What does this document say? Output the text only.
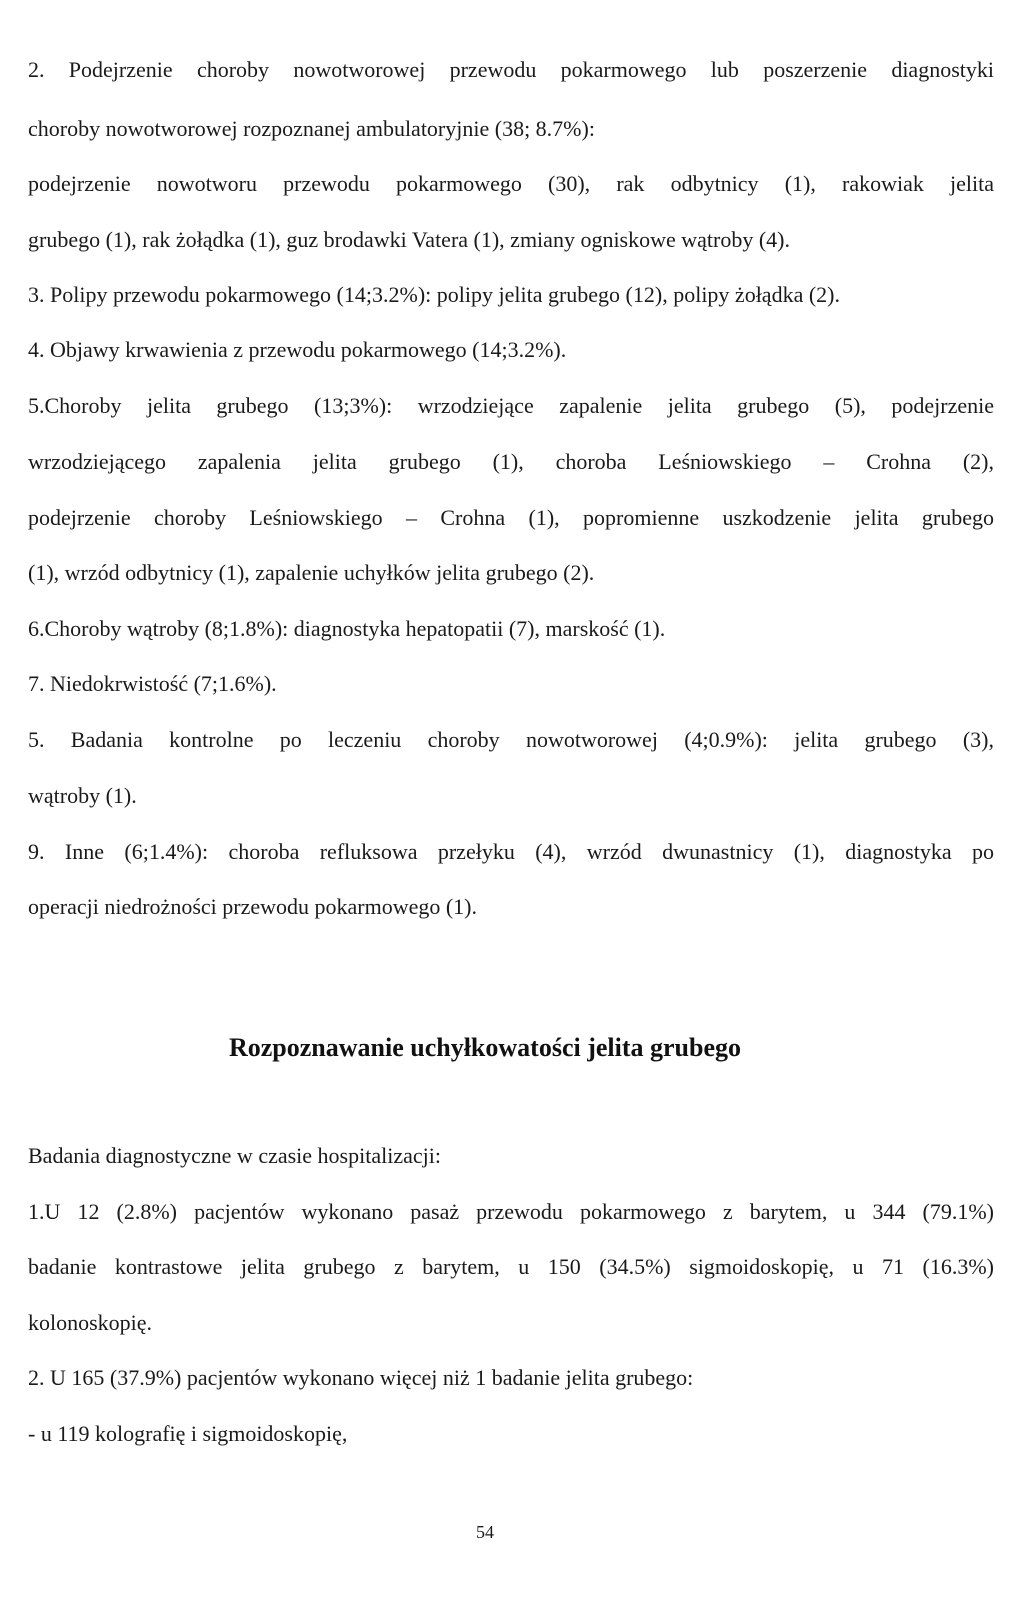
2. Podejrzenie choroby nowotworowej przewodu pokarmowego lub poszerzenie diagnostyki
choroby nowotworowej rozpoznanej ambulatoryjnie (38; 8.7%):
podejrzenie nowotworu przewodu pokarmowego (30), rak odbytnicy (1), rakowiak jelita
grubego (1), rak żołądka (1), guz brodawki Vatera (1), zmiany ogniskowe wątroby (4).
3. Polipy przewodu pokarmowego (14;3.2%): polipy jelita grubego (12), polipy żołądka (2).
4. Objawy krwawienia z przewodu pokarmowego (14;3.2%).
5.Choroby jelita grubego (13;3%): wrzodziejące zapalenie jelita grubego (5), podejrzenie
wrzodziejącego zapalenia jelita grubego (1), choroba Leśniowskiego – Crohna (2),
podejrzenie choroby Leśniowskiego – Crohna (1), popromienne uszkodzenie jelita grubego
(1), wrzód odbytnicy (1), zapalenie uchyłków jelita grubego (2).
6.Choroby wątroby (8;1.8%): diagnostyka hepatopatii (7), marskość (1).
7. Niedokrwistość (7;1.6%).
5. Badania kontrolne po leczeniu choroby nowotworowej (4;0.9%): jelita grubego (3),
wątroby (1).
9. Inne (6;1.4%): choroba refluksowa przełyku (4), wrzód dwunastnicy (1), diagnostyka po
operacji niedrożności przewodu pokarmowego (1).
Rozpoznawanie uchyłkowatości jelita grubego
Badania diagnostyczne w czasie hospitalizacji:
1.U 12 (2.8%) pacjentów wykonano pasaż przewodu pokarmowego z barytem, u 344 (79.1%)
badanie kontrastowe jelita grubego z barytem, u 150 (34.5%) sigmoidoskopię, u 71 (16.3%)
kolonoskopię.
2. U 165 (37.9%) pacjentów wykonano więcej niż 1 badanie jelita grubego:
- u 119 kolografię i sigmoidoskopię,
54
